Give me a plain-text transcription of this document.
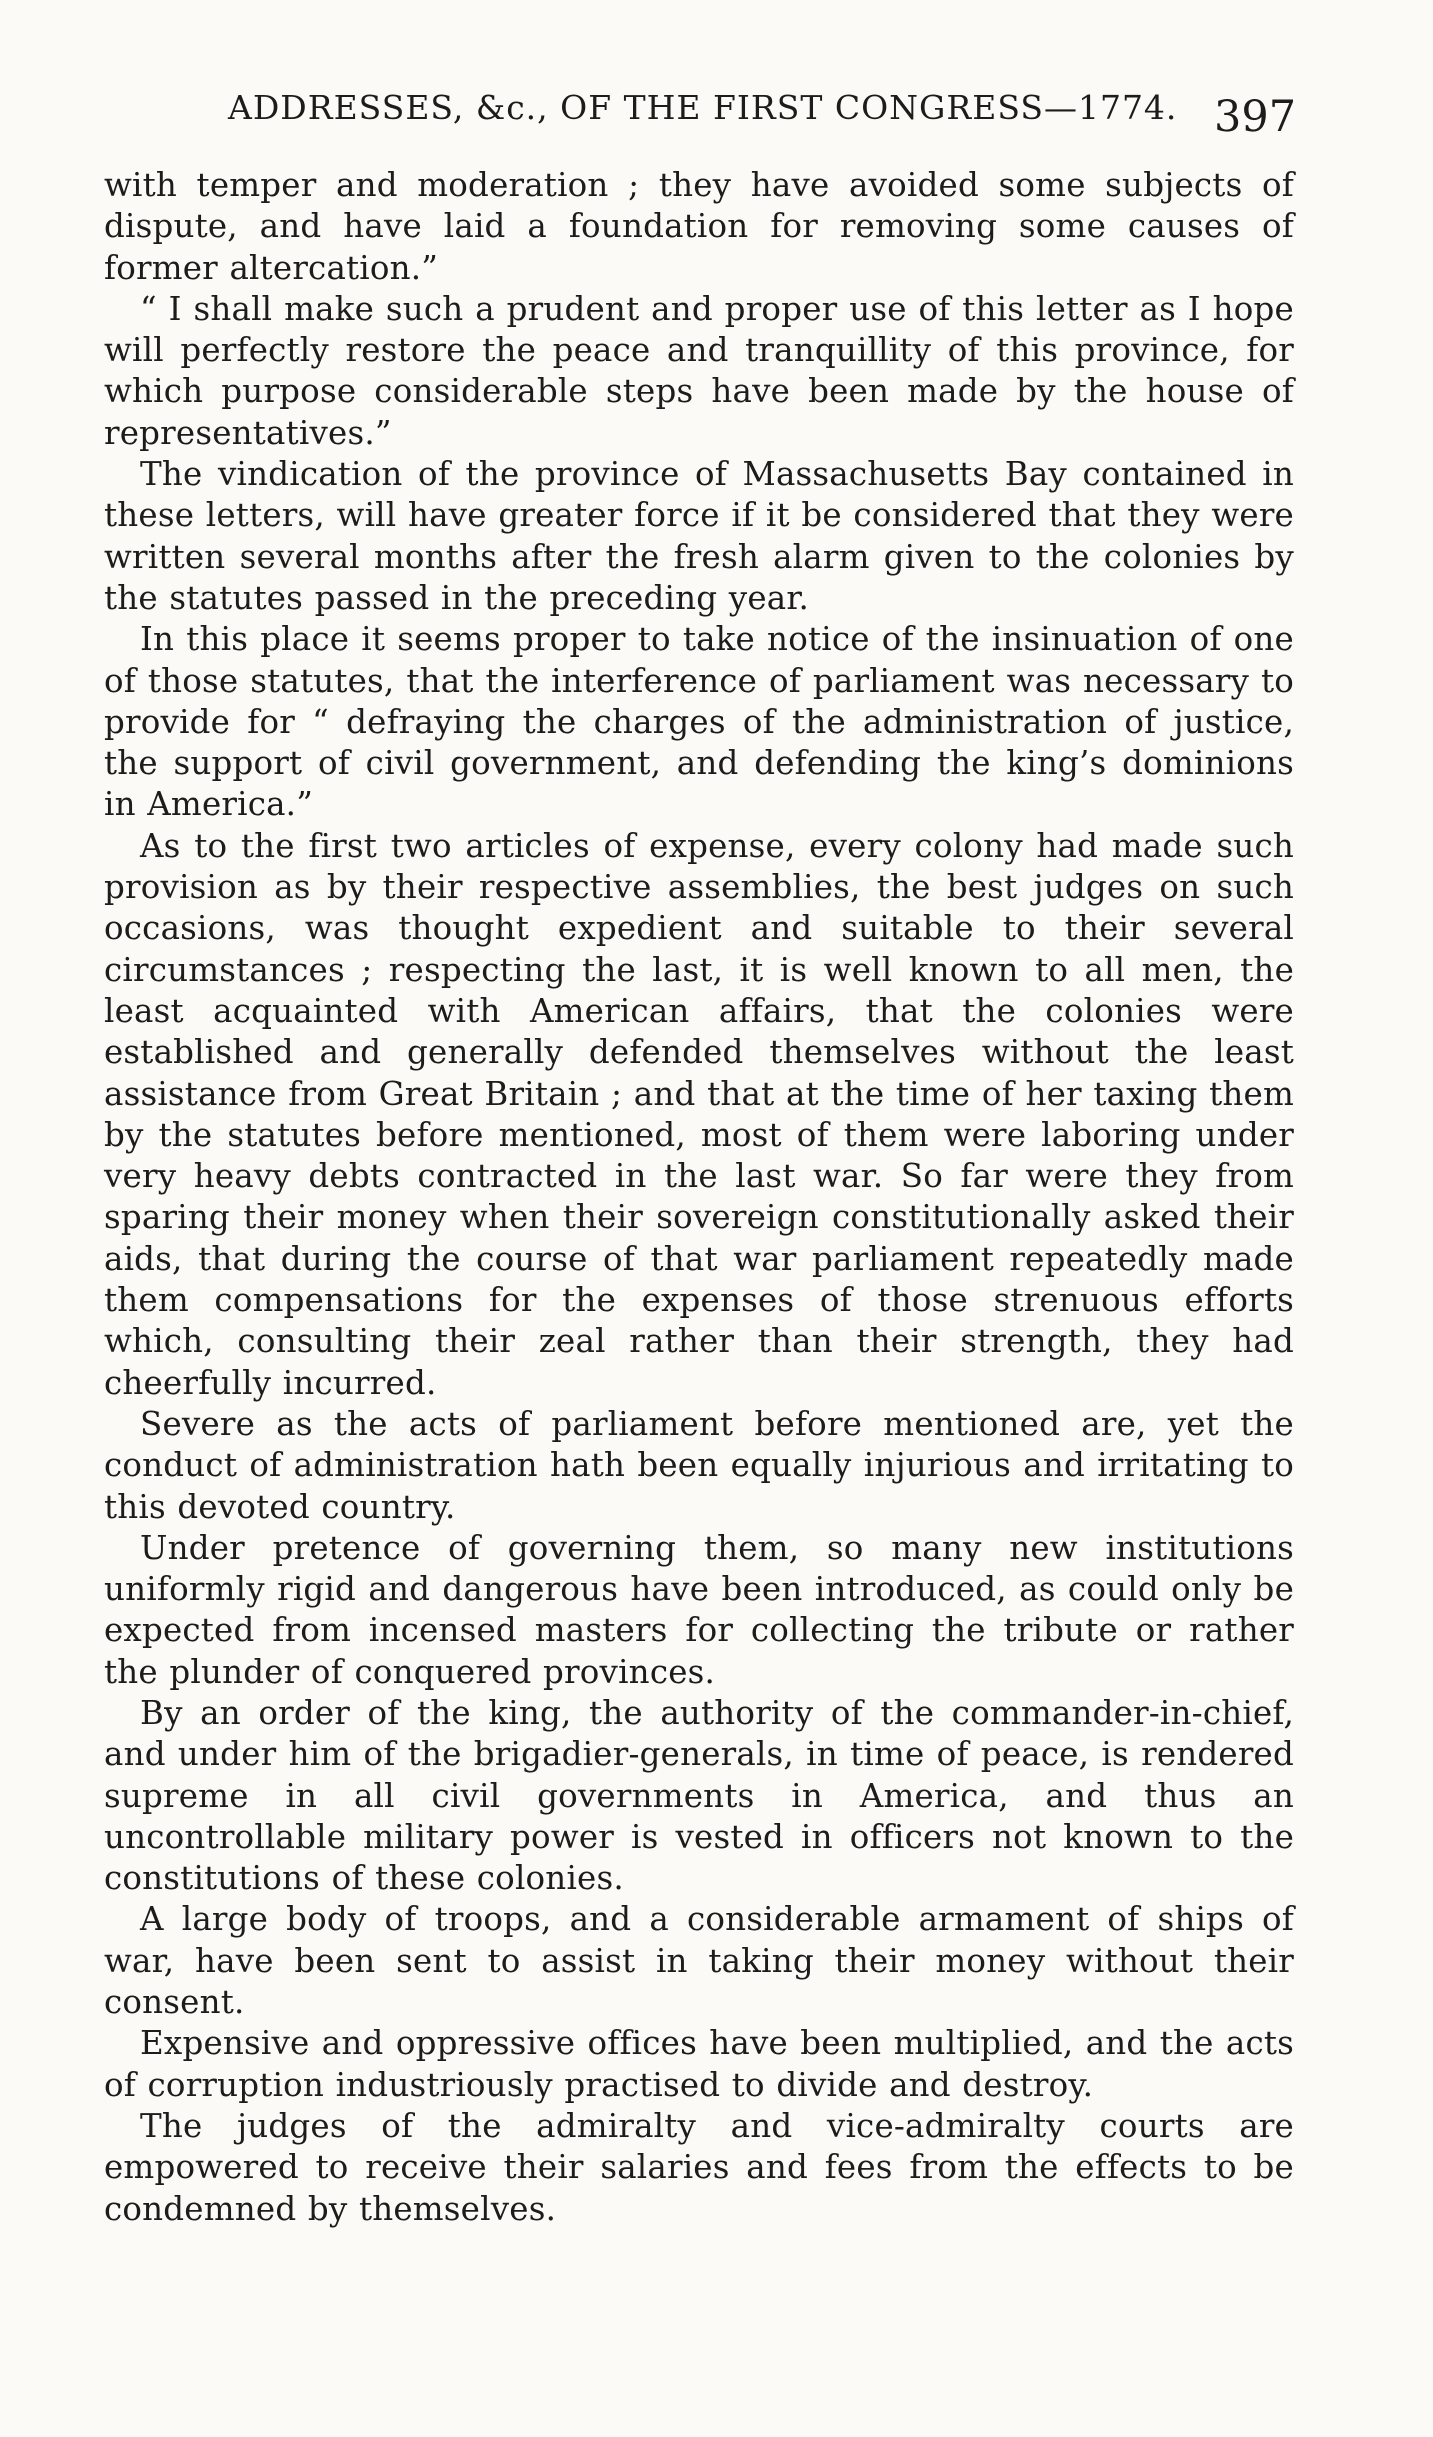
ADDRESSES, &c., OF THE FIRST CONGRESS—1774. 397

with temper and moderation ; they have avoided some subjects of dispute, and have laid a foundation for removing some causes of former altercation.”

“ I shall make such a prudent and proper use of this letter as I hope will perfectly restore the peace and tranquillity of this province, for which purpose considerable steps have been made by the house of representatives.”

The vindication of the province of Massachusetts Bay contained in these letters, will have greater force if it be considered that they were written several months after the fresh alarm given to the colonies by the statutes passed in the preceding year.

In this place it seems proper to take notice of the insinuation of one of those statutes, that the interference of parliament was necessary to provide for “ defraying the charges of the administration of justice, the support of civil government, and defending the king’s dominions in America.”

As to the first two articles of expense, every colony had made such provision as by their respective assemblies, the best judges on such occasions, was thought expedient and suitable to their several circumstances ; respecting the last, it is well known to all men, the least acquainted with American affairs, that the colonies were established and generally defended themselves without the least assistance from Great Britain ; and that at the time of her taxing them by the statutes before mentioned, most of them were laboring under very heavy debts contracted in the last war. So far were they from sparing their money when their sovereign constitutionally asked their aids, that during the course of that war parliament repeatedly made them compensations for the expenses of those strenuous efforts which, consulting their zeal rather than their strength, they had cheerfully incurred.

Severe as the acts of parliament before mentioned are, yet the conduct of administration hath been equally injurious and irritating to this devoted country.

Under pretence of governing them, so many new institutions uniformly rigid and dangerous have been introduced, as could only be expected from incensed masters for collecting the tribute or rather the plunder of conquered provinces.

By an order of the king, the authority of the commander-in-chief, and under him of the brigadier-generals, in time of peace, is rendered supreme in all civil governments in America, and thus an uncontrollable military power is vested in officers not known to the constitutions of these colonies.

A large body of troops, and a considerable armament of ships of war, have been sent to assist in taking their money without their consent.

Expensive and oppressive offices have been multiplied, and the acts of corruption industriously practised to divide and destroy.

The judges of the admiralty and vice-admiralty courts are empowered to receive their salaries and fees from the effects to be condemned by themselves.
